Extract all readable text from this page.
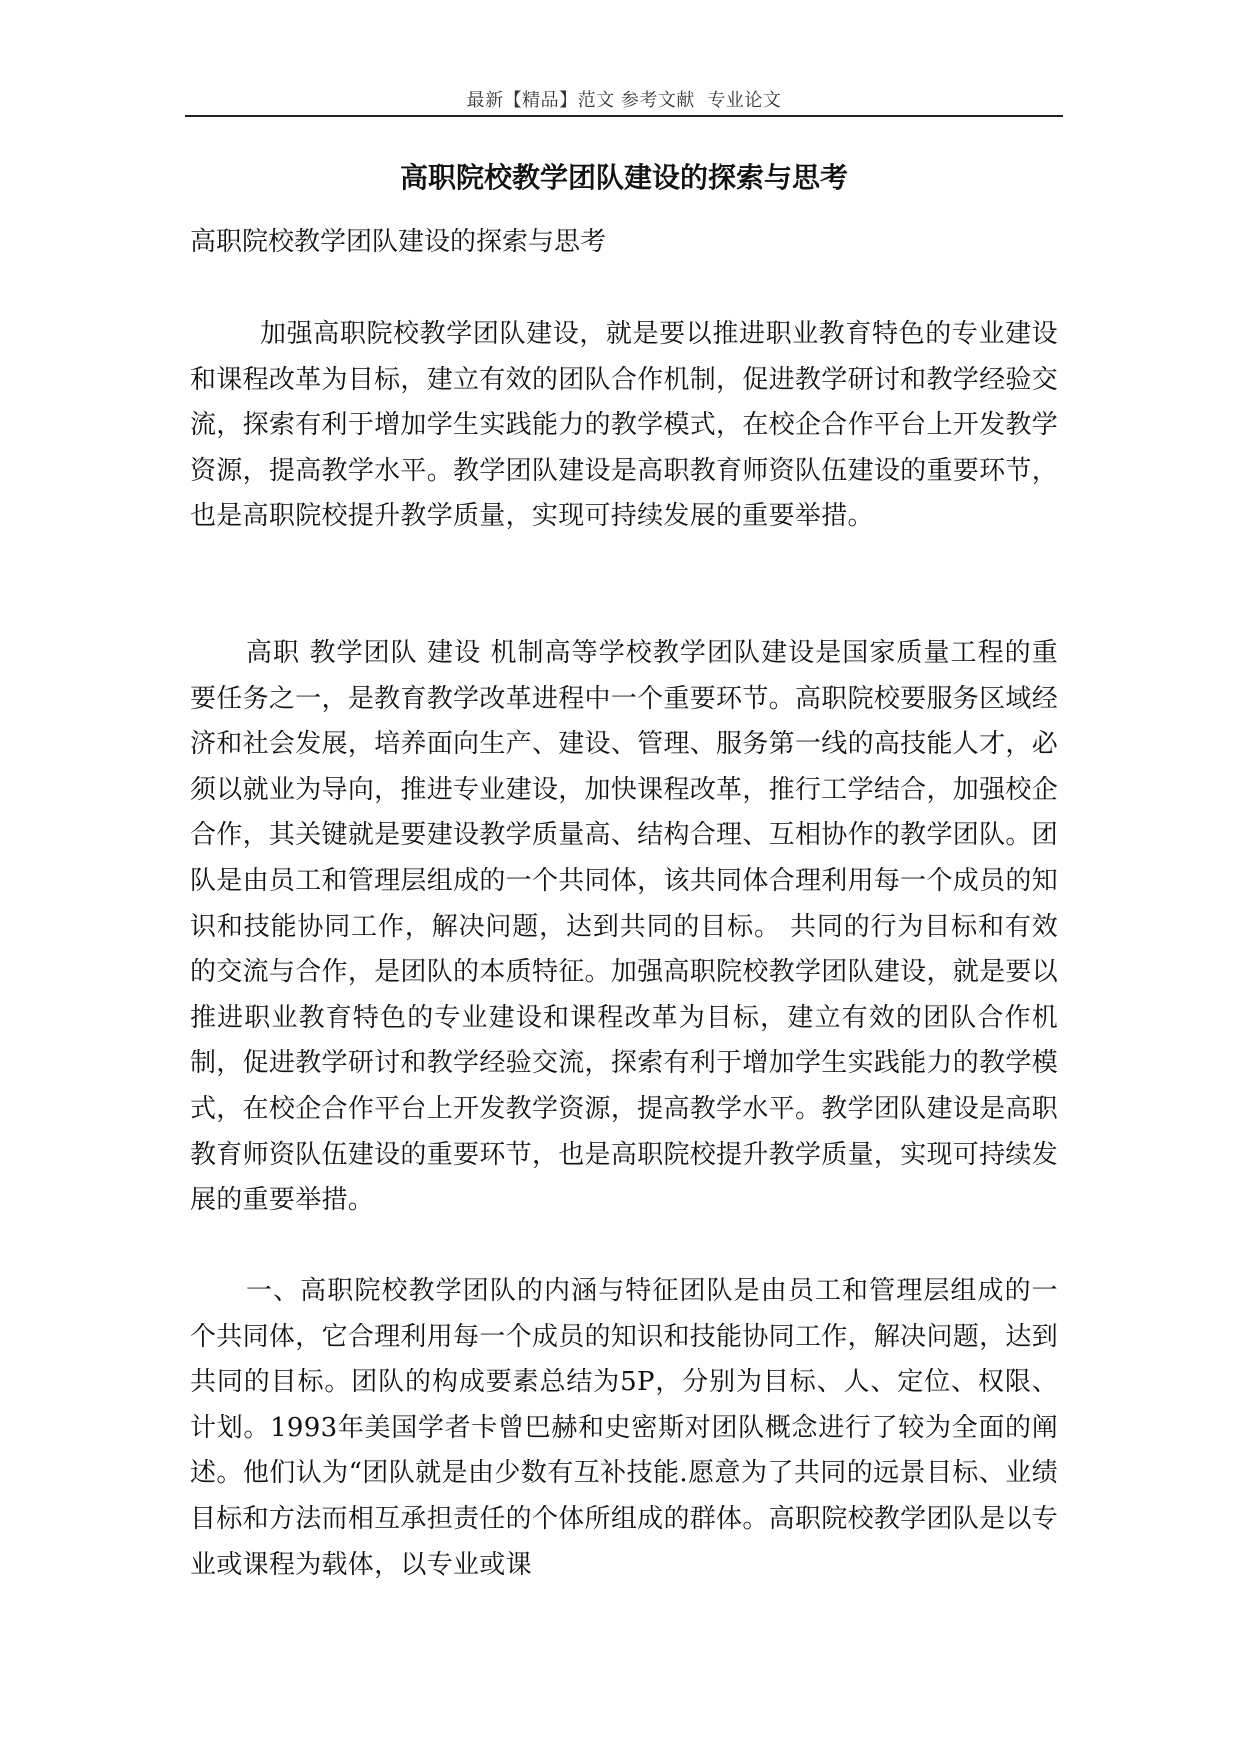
最新【精品】范文 参考文献  专业论文
高职院校教学团队建设的探索与思考

高职院校教学团队建设的探索与思考

加强高职院校教学团队建设，就是要以推进职业教育特色的专业建设和课程改革为目标，建立有效的团队合作机制，促进教学研讨和教学经验交流，探索有利于增加学生实践能力的教学模式，在校企合作平台上开发教学资源，提高教学水平。教学团队建设是高职教育师资队伍建设的重要环节，也是高职院校提升教学质量，实现可持续发展的重要举措。

高职 教学团队 建设 机制高等学校教学团队建设是国家质量工程的重要任务之一，是教育教学改革进程中一个重要环节。高职院校要服务区域经济和社会发展，培养面向生产、建设、管理、服务第一线的高技能人才，必须以就业为导向，推进专业建设，加快课程改革，推行工学结合，加强校企合作，其关键就是要建设教学质量高、结构合理、互相协作的教学团队。团队是由员工和管理层组成的一个共同体，该共同体合理利用每一个成员的知识和技能协同工作，解决问题，达到共同的目标。 共同的行为目标和有效的交流与合作，是团队的本质特征。加强高职院校教学团队建设，就是要以推进职业教育特色的专业建设和课程改革为目标，建立有效的团队合作机制，促进教学研讨和教学经验交流，探索有利于增加学生实践能力的教学模式，在校企合作平台上开发教学资源，提高教学水平。教学团队建设是高职教育师资队伍建设的重要环节，也是高职院校提升教学质量，实现可持续发展的重要举措。

一、高职院校教学团队的内涵与特征团队是由员工和管理层组成的一个共同体，它合理利用每一个成员的知识和技能协同工作，解决问题，达到共同的目标。团队的构成要素总结为5P，分别为目标、人、定位、权限、计划。1993年美国学者卡曾巴赫和史密斯对团队概念进行了较为全面的阐述。他们认为“团队就是由少数有互补技能.愿意为了共同的远景目标、业绩目标和方法而相互承担责任的个体所组成的群体。高职院校教学团队是以专业或课程为载体，以专业或课
